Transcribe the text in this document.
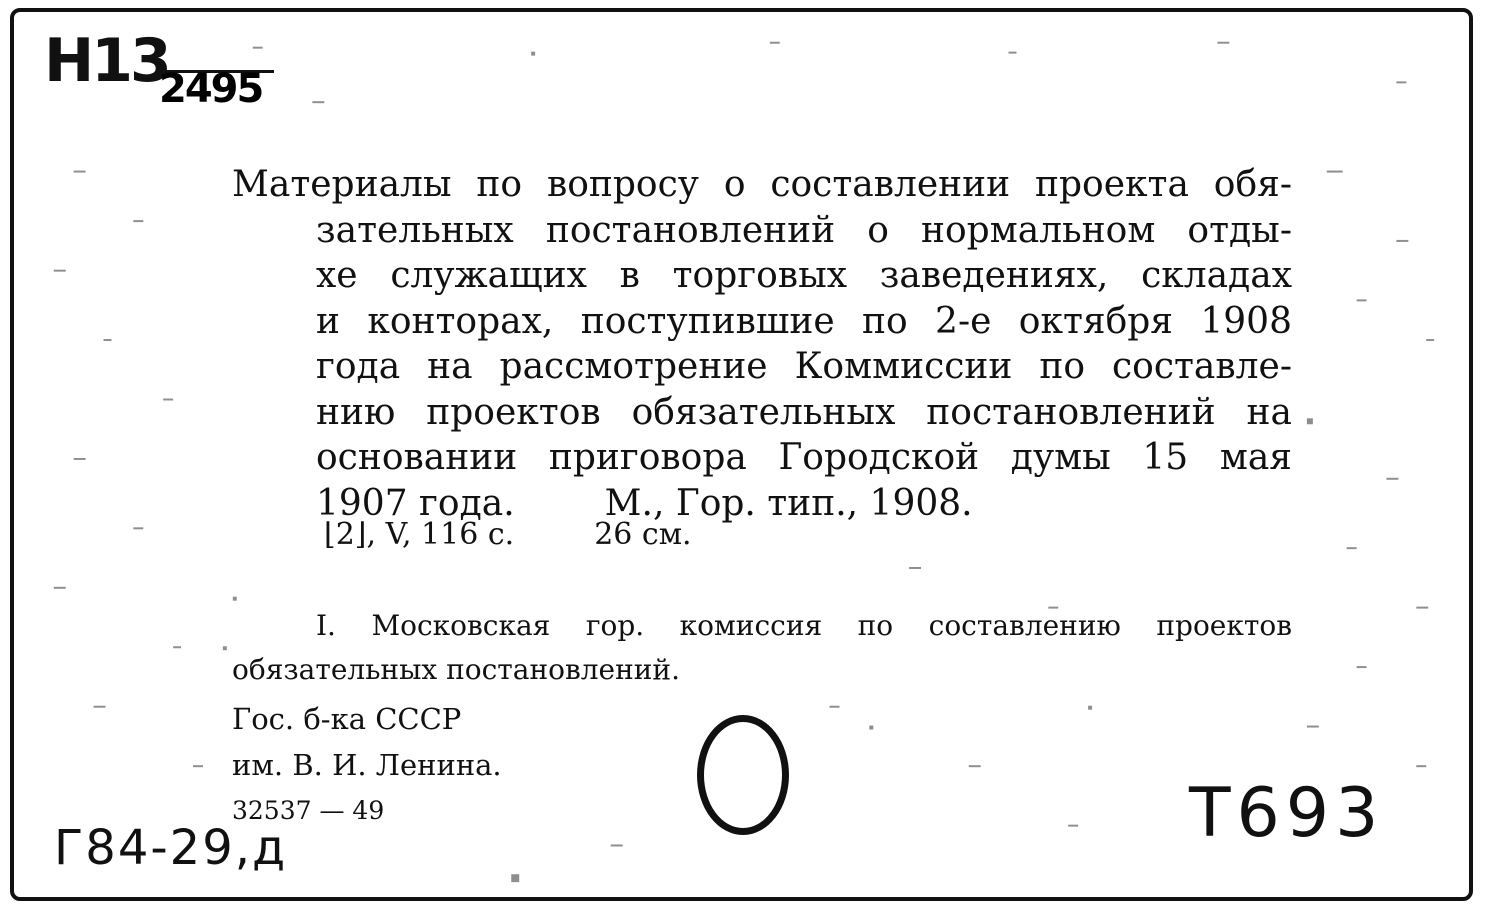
Н13
2495
Материалы по вопросу о составлении проекта обя-
зательных постановлений о нормальном отды-
хе служащих в торговых заведениях, складах
и конторах, поступившие по 2-е октября 1908
года на рассмотрение Коммиссии по составле-
нию проектов обязательных постановлений на
основании приговора Городской думы 15 мая
1907 года.	М., Гор. тип., 1908.
⌊2⌋, V, 116 с.	26 см.
I. Московская гор. комиссия по составлению проектов
обязательных постановлений.
Гос. б-ка СССР
им. В. И. Ленина.
32537 — 49
Г84-29,д	Т693
